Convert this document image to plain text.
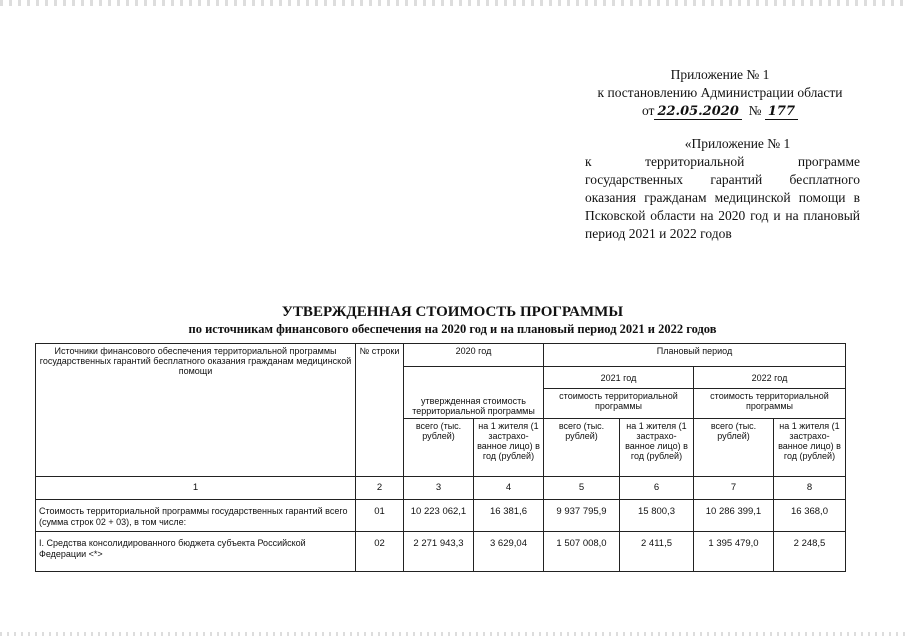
Приложение № 1
к постановлению Администрации области
от 22.05.2020 № 177
«Приложение № 1
к территориальной программе государственных гарантий бесплатного оказания гражданам медицинской помощи в Псковской области на 2020 год и на плановый период 2021 и 2022 годов
УТВЕРЖДЕННАЯ СТОИМОСТЬ ПРОГРАММЫ
по источникам финансового обеспечения на 2020 год и на плановый период 2021 и 2022 годов
Источники финансового обеспечения территориальной программы государственных гарантий бесплатного оказания гражданам медицинской помощи	№ строки	2020 год		Плановый период			
		утвержденная стоимость территориальной программы		2021 год		2022 год	
				стоимость территориальной программы		стоимость территориальной программы	
		всего (тыс. рублей)	на 1 жителя (1 застрахо-ванное лицо) в год (рублей)	всего (тыс. рублей)	на 1 жителя (1 застрахо-ванное лицо) в год (рублей)	всего (тыс. рублей)	на 1 жителя (1 застрахо-ванное лицо) в год (рублей)
1	2	3	4	5	6	7	8
Стоимость территориальной программы государственных гарантий всего (сумма строк 02 + 03), в том числе:	01	10 223 062,1	16 381,6	9 937 795,9	15 800,3	10 286 399,1	16 368,0
I. Средства консолидированного бюджета субъекта Российской Федерации <*>	02	2 271 943,3	3 629,04	1 507 008,0	2 411,5	1 395 479,0	2 248,5
